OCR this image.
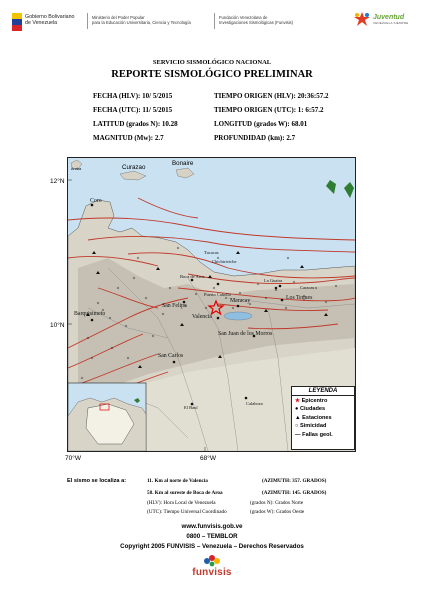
Gobierno Bolivariano
de Venezuela
Ministerio del Poder Popular
para la Educación Universitaria, Ciencia y Tecnología
Fundación Venezolana de
Investigaciones Sismológicas (Funvisis)
Juventud
VENEZUELA SIEMPRE
SERVICIO SISMOLÓGICO NACIONAL
REPORTE SISMOLÓGICO PRELIMINAR
FECHA (HLV): 10/ 5/2015	TIEMPO ORIGEN (HLV): 20:36:57.2
FECHA (UTC): 11/ 5/2015	TIEMPO ORIGEN (UTC): 1: 6:57.2
LATITUD (grados N): 10.28	LONGITUD (grados W): 68.01
MAGNITUD (Mw): 2.7	PROFUNDIDAD (km): 2.7
12°N
10°N
70°W	68°W
Aruba	Curazao
Bonaire
Coro
Barquisimeto
San Felipe
Valencia
Maracay	Los Teques
San Carlos
San Juan de los Morros
La Guaira
Puerto Cabello
Boca de Aroa
Tucacas
Chichiriviche
El Baul
Calabozo
Caracas
LEYENDA
★ Epicentro
● Ciudades
▲ Estaciones
○ Simicidad
— Fallas geol.
El sismo se localiza a:	11. Km al norte de Valencia	(AZIMUTH: 357. GRADOS)
58. Km al sureste de Boca de Aroa	(AZIMUTH: 145. GRADOS)
(HLV): Hora Local de Venezuela	(grados N): Grados Norte
(UTC): Tiempo Universal Coordinado	(grados W): Grados Oeste
www.funvisis.gob.ve
0800 – TEMBLOR
Copyright 2005 FUNVISIS – Venezuela – Derechos Reservados
funvisis
